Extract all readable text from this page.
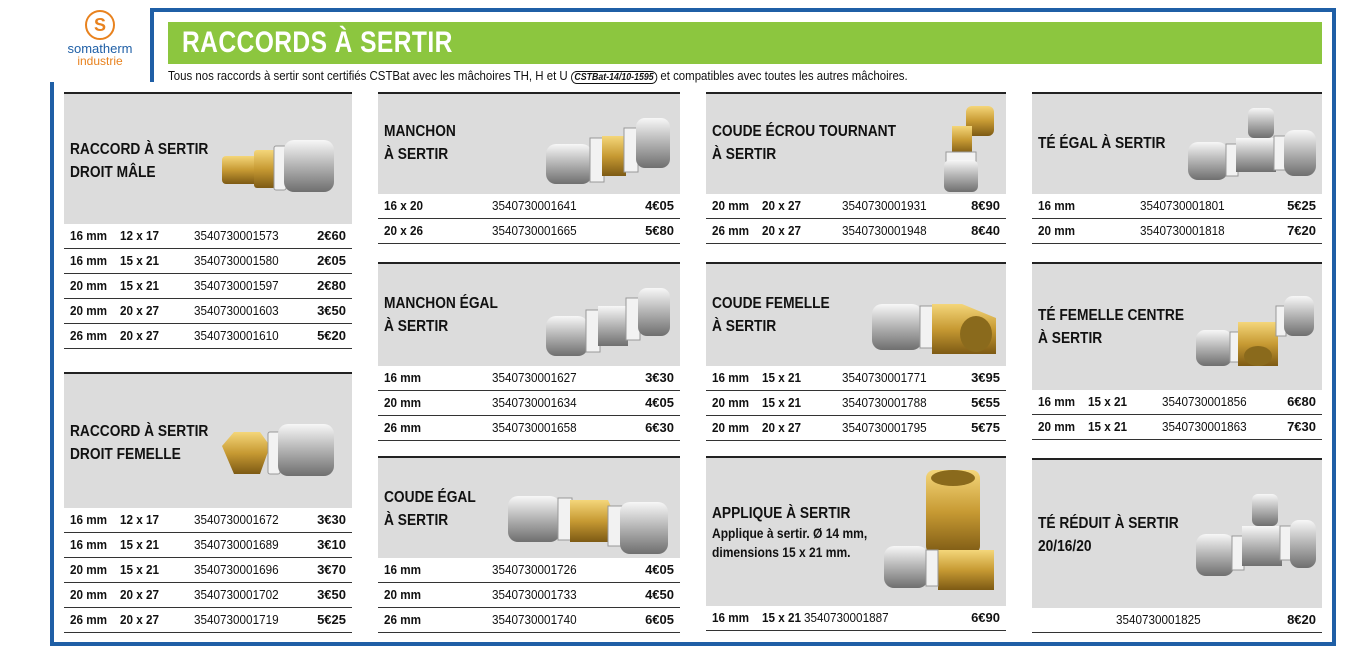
S
somatherm
industrie
RACCORDS À SERTIR
Tous nos raccords à sertir sont certifiés CSTBat avec les mâchoires TH, H et U CSTBat-14/10-1595 et compatibles avec toutes les autres mâchoires.
RACCORD À SERTIR
DROIT MÂLE
16 mm 12 x 17	3540730001573	2€60
16 mm 15 x 21	3540730001580	2€05
20 mm 15 x 21	3540730001597	2€80
20 mm 20 x 27	3540730001603	3€50
26 mm 20 x 27	3540730001610	5€20
RACCORD À SERTIR
DROIT FEMELLE
16 mm 12 x 17	3540730001672	3€30
16 mm 15 x 21	3540730001689	3€10
20 mm 15 x 21	3540730001696	3€70
20 mm 20 x 27	3540730001702	3€50
26 mm 20 x 27	3540730001719	5€25
MANCHON
À SERTIR
16 x 20	3540730001641	4€05
20 x 26	3540730001665	5€80
MANCHON ÉGAL
À SERTIR
16 mm	3540730001627	3€30
20 mm	3540730001634	4€05
26 mm	3540730001658	6€30
COUDE ÉGAL
À SERTIR
16 mm	3540730001726	4€05
20 mm	3540730001733	4€50
26 mm	3540730001740	6€05
COUDE ÉCROU TOURNANT
À SERTIR
20 mm 20 x 27	3540730001931	8€90
26 mm 20 x 27	3540730001948	8€40
COUDE FEMELLE
À SERTIR
16 mm 15 x 21	3540730001771	3€95
20 mm 15 x 21	3540730001788	5€55
20 mm 20 x 27	3540730001795	5€75
APPLIQUE À SERTIR
Applique à sertir. Ø 14 mm,
dimensions 15 x 21 mm.
16 mm 15 x 21 3540730001887	6€90
TÉ ÉGAL À SERTIR
16 mm	3540730001801	5€25
20 mm	3540730001818	7€20
TÉ FEMELLE CENTRE
À SERTIR
16 mm 15 x 21	3540730001856	6€80
20 mm 15 x 21	3540730001863	7€30
TÉ RÉDUIT À SERTIR
20/16/20
3540730001825	8€20
